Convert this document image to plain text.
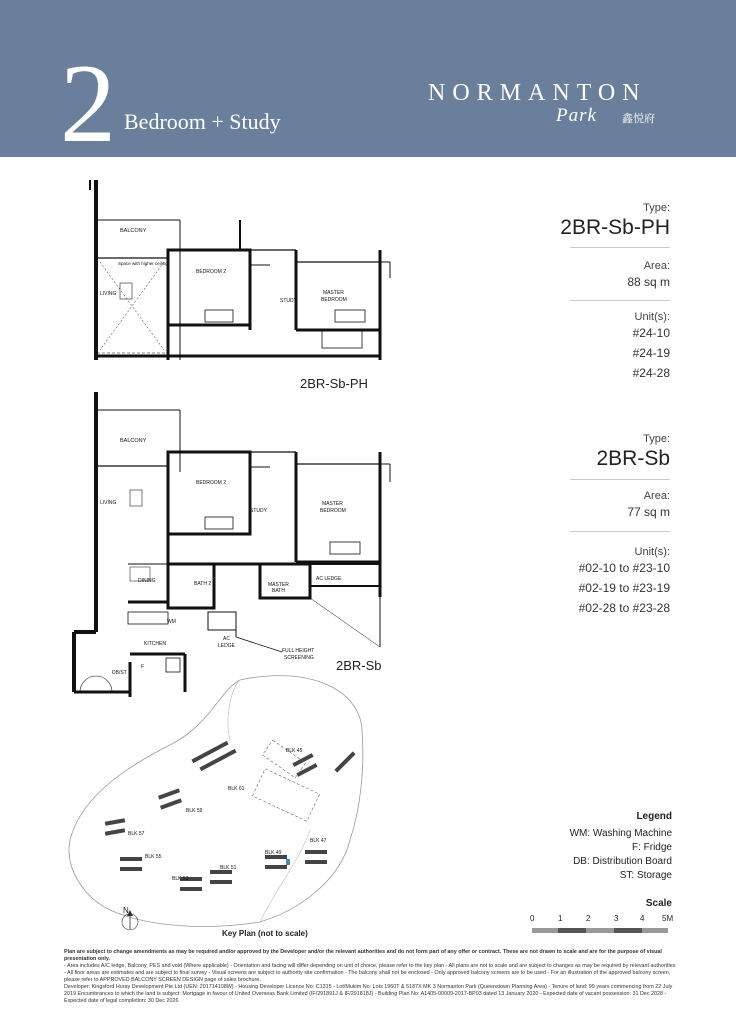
2 Bedroom + Study
NORMANTON
Park 鑫悦府
Type:
2BR-Sb-PH
Area:
88 sq m
Unit(s):
#24-10
#24-19
#24-28
Type:
2BR-Sb
Area:
77 sq m
Unit(s):
#02-10 to #23-10
#02-19 to #23-19
#02-28 to #23-28
BALCONY
Space with higher ceiling
LIVING
BEDROOM 2
STUDY
MASTER
BEDROOM
2BR-Sb-PH
BALCONY
LIVING
BEDROOM 2
STUDY
MASTER
BEDROOM
DINING	BATH 2	MASTER
BATH
AC LEDGE
WM
KITCHEN
AC
LEDGE
FULL HEIGHT
SCREENING
F
DB/ST	2BR-Sb
BLK 45
BLK 61
BLK 59
BLK 57
BLK 55
BLK 53
BLK 51
BLK 49
BLK 47
N
Key Plan (not to scale)
Legend
WM: Washing Machine
F: Fridge
DB: Distribution Board
ST: Storage
Scale
0	1	2	3	4 5M
Plan are subject to change amendments as may be required and/or approved by the Developer and/or the relevant authorities and do not form part of any offer or contract. These are not drawn to scale and are for the purpose of visual presentation only.
- Area includes A/C ledge, Balcony, PES and void (Where applicable) - Orientation and facing will differ depending on unit of choice, please refer to the key plan - All plans are not to scale and are subject to changes as may be required by relevant authorities - All floor areas are estimates and are subject to final survey - Visual screens are subject to authority site confirmation - The balcony shall not be enclosed - Only approved balcony screens are to be used - For an illustration of the approved balcony screen, please refer to APPROVED BALCONY SCREEN DESIGN page of sales brochure.
Developer: Kingsford Huray Development Pte Ltd (UEN: 201714108W) - Housing Developer Licence No: C1315 - Lot/Mukim No: Lots 1960T & 5187X MK 3 Normanton Park (Queenstown Planning Area) - Tenure of land: 99 years commencing from 22 July 2019 Encumbrances to which the land is subject: Mortgage in favour of United Overseas Bank Limited (IF/291891J & IF/291818J) - Building Plan No: A1405-00009-2017-BP03 dated 13 January 2020 - Expected date of vacant possession: 31 Dec 2028 - Expected date of legal completion: 30 Dec 2026
